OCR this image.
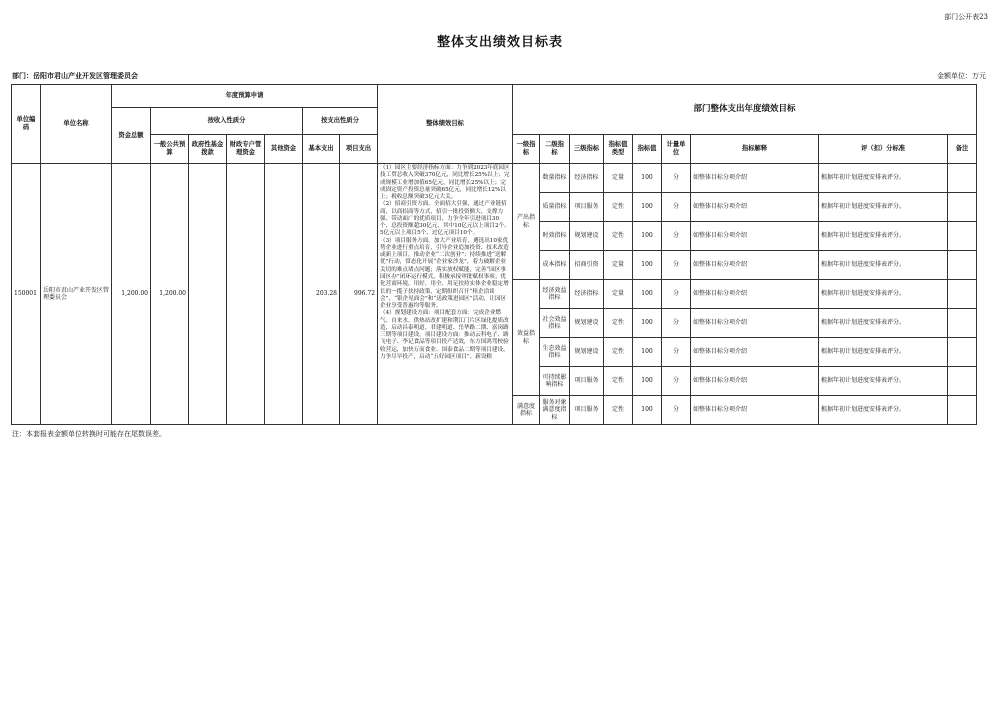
部门公开表23
整体支出绩效目标表
部门：岳阳市君山产业开发区管理委员会	金额单位：万元
单位编码	单位名称	年度预算申请							整体绩效目标	部门整体支出年度绩效目标								
		资金总额	按收入性质分				按支出性质分											
			一般公共预算	政府性基金拨款	财政专户管理资金	其他资金	基本支出	项目支出		一级指标	二级指标	三级指标	指标值类型	指标值	计量单位	指标解释	评（扣）分标准	备注
150001	岳阳市君山产业开发区管理委员会	1,200.00	1,200.00				203.28	996.72	（1）园区主要经济指标方面：力争到2023年底园区技工贸总收入突破370亿元，同比增长25%以上；完成规模工业增加值65亿元，同比增长25%以上；完成固定资产投资总量突破65亿元，同比增长12%以上；税收总额突破3亿元大关。

（2）招商引资方面。全面招大引强，通过产业链招商，以商招商等方式，招引一批投资额大、支撑力强、带动面广的优质项目，力争全年引进项目30个，总投资额超30亿元，其中10亿元以上项目2个、5亿元以上项目5个、过亿元项目10个。

（3）项目服务方面。加大产业培育，遴选出10家优势企业进行重点培育，引导企业追加投资、技术改造或新上项目，推动企业“二次创业”；持续推进“送解优”行动，常态化开展“企业家沙龙”，着力破解企业关切的难点堵点问题；落实放权赋能，完善“园区事园区办”闭环运行模式，积极承接审批赋权事项；优化营商环境，用好、用全、用足扶持实体企业稳定增长的一揽子扶持政策，定期组织召开“租企洽谈会”、“银企见面会”和“送政策进园区”活动，让园区企业享受普惠均等服务。

（4）规划建设方面：项目配套方面：完成企业燃气、自来水、供热站改扩建和荆江门片区绿化提质改造，启动昌泰明道、君建明道、岳华路二期、富岗路三期等项目建设。项目建设方面：推动云科电子、路飞电子、李记食品等项目投产达效，东方国鸿驾校验收营运，加快万而食业、国泰食品二期等项目建设，力争尽早投产，启动“五好园区项目”、新设粮	产出指标	数量指标	经济指标	定量	100	分	如整体目标分项介绍	根据年初计划进度安排表评分。	
											质量指标	项目服务	定性	100	分	如整体目标分项介绍	根据年初计划进度安排表评分。	
											时效指标	规划建设	定性	100	分	如整体目标分项介绍	根据年初计划进度安排表评分。	
											成本指标	招商引资	定量	100	分	如整体目标分项介绍	根据年初计划进度安排表评分。	
										效益指标	经济效益指标	经济指标	定量	100	分	如整体目标分项介绍	根据年初计划进度安排表评分。	
											社会效益指标	规划建设	定性	100	分	如整体目标分项介绍	根据年初计划进度安排表评分。	
											生态效益指标	规划建设	定性	100	分	如整体目标分项介绍	根据年初计划进度安排表评分。	
											可持续影响指标	项目服务	定性	100	分	如整体目标分项介绍	根据年初计划进度安排表评分。	
										满意度指标	服务对象满意度指标	项目服务	定性	100	分	如整体目标分项介绍	根据年初计划进度安排表评分。	
注：本套报表金额单位转换时可能存在尾数误差。
